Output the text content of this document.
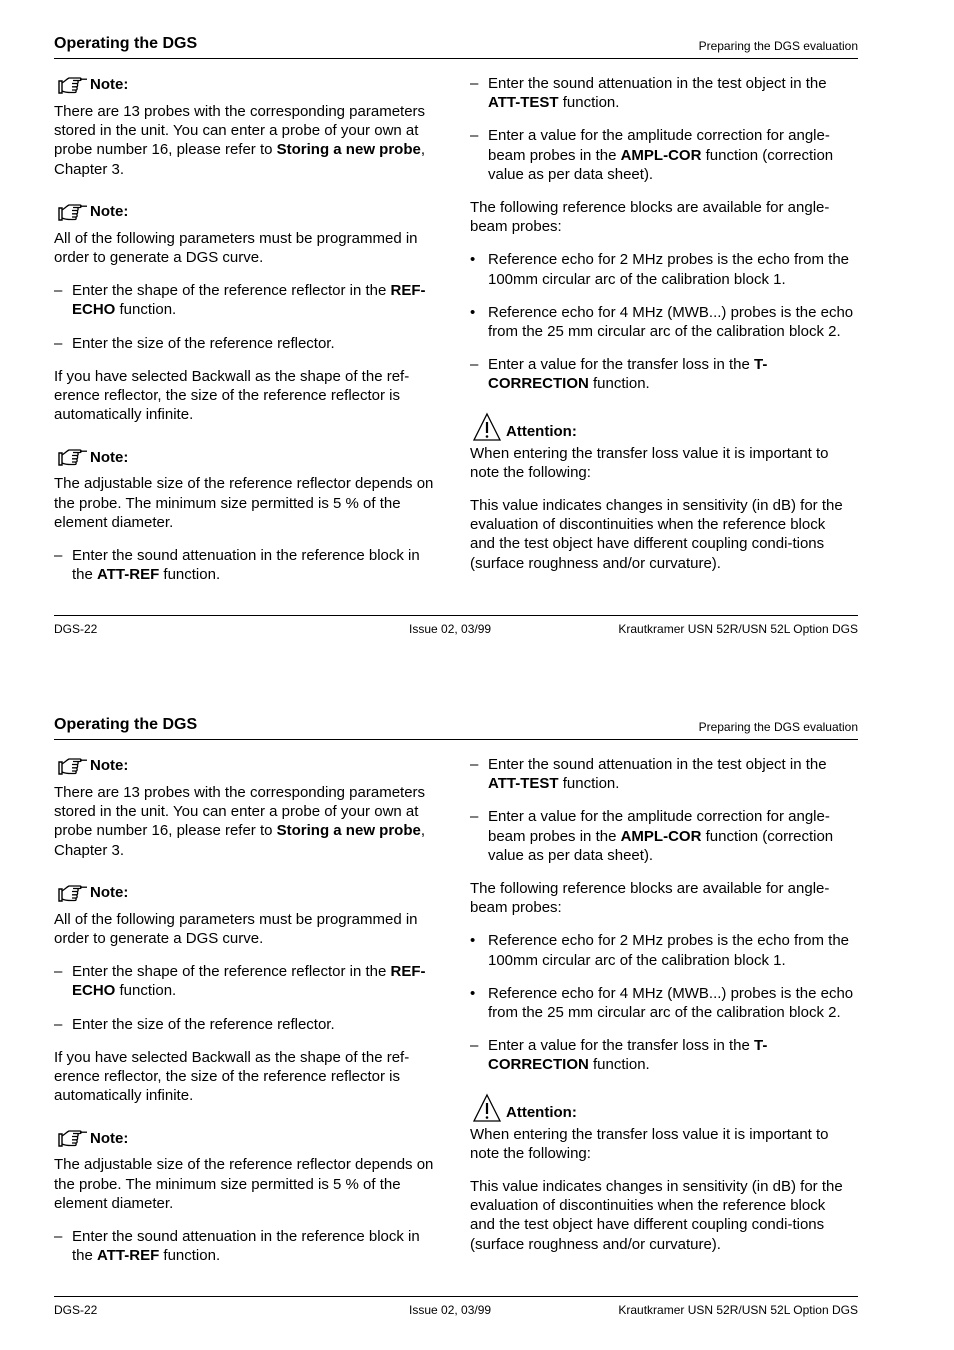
Operating the DGS	Preparing the DGS evaluation
Note:

There are 13 probes with the corresponding parameters stored in the unit. You can enter a probe of your own at probe number 16, please refer to Storing a new probe, Chapter 3.

Note:

All of the following parameters must be programmed in order to generate a DGS curve.

– Enter the shape of the reference reflector in the REF-ECHO function.

– Enter the size of the reference reflector.

If you have selected Backwall as the shape of the ref-erence reflector, the size of the reference reflector is automatically infinite.

Note:

The adjustable size of the reference reflector depends on the probe. The minimum size permitted is 5 % of the element diameter.

– Enter the sound attenuation in the reference block in the ATT-REF function.

– Enter the sound attenuation in the test object in the ATT-TEST function.

– Enter a value for the amplitude correction for angle-beam probes in the AMPL-COR function (correction value as per data sheet).

The following reference blocks are available for angle-beam probes:

• Reference echo for 2 MHz probes is the echo from the 100mm circular arc of the calibration block 1.

• Reference echo for 4 MHz (MWB...) probes is the echo from the 25 mm circular arc of the calibration block 2.

– Enter a value for the transfer loss in the T-CORRECTION function.

Attention:

When entering the transfer loss value it is important to note the following:

This value indicates changes in sensitivity (in dB) for the evaluation of discontinuities when the reference block and the test object have different coupling condi-tions (surface roughness and/or curvature).

DGS-22	Issue 02, 03/99	Krautkramer USN 52R/USN 52L Option DGS
Operating the DGS	Preparing the DGS evaluation
Note:

There are 13 probes with the corresponding parameters stored in the unit. You can enter a probe of your own at probe number 16, please refer to Storing a new probe, Chapter 3.

Note:

All of the following parameters must be programmed in order to generate a DGS curve.

– Enter the shape of the reference reflector in the REF-ECHO function.

– Enter the size of the reference reflector.

If you have selected Backwall as the shape of the ref-erence reflector, the size of the reference reflector is automatically infinite.

Note:

The adjustable size of the reference reflector depends on the probe. The minimum size permitted is 5 % of the element diameter.

– Enter the sound attenuation in the reference block in the ATT-REF function.

– Enter the sound attenuation in the test object in the ATT-TEST function.

– Enter a value for the amplitude correction for angle-beam probes in the AMPL-COR function (correction value as per data sheet).

The following reference blocks are available for angle-beam probes:

• Reference echo for 2 MHz probes is the echo from the 100mm circular arc of the calibration block 1.

• Reference echo for 4 MHz (MWB...) probes is the echo from the 25 mm circular arc of the calibration block 2.

– Enter a value for the transfer loss in the T-CORRECTION function.

Attention:

When entering the transfer loss value it is important to note the following:

This value indicates changes in sensitivity (in dB) for the evaluation of discontinuities when the reference block and the test object have different coupling condi-tions (surface roughness and/or curvature).

DGS-22	Issue 02, 03/99	Krautkramer USN 52R/USN 52L Option DGS
